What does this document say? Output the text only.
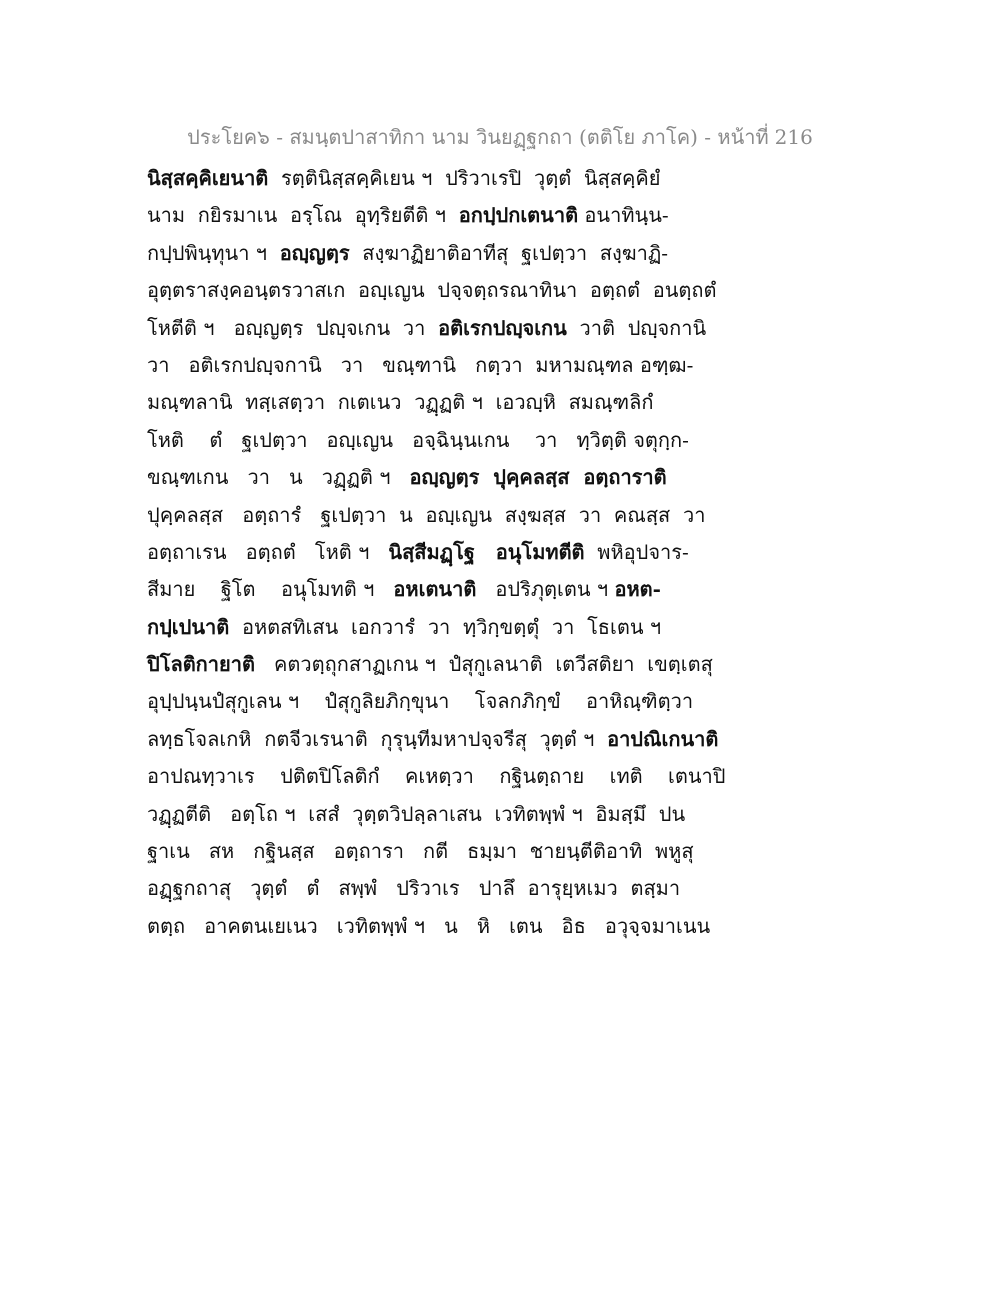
ประโยค๖ - สมนฺตปาสาทิกา นาม วินยฏฺฐกถา (ตติโย ภาโค) - หน้าที่ 216
นิสฺสคฺคิเยนาติ  รตฺตินิสฺสคฺคิเยน ฯ  ปริวาเรปิ  วุตฺตํ  นิสฺสคฺคิยํ
นาม  กยิรมาเน  อรฺโณ  อุทฺริยตีติ ฯ  อกปฺปกเตนาติ อนาทินฺน-
กปฺปพินฺทุนา ฯ  อญฺญตฺร  สงฺฆาฏิยาติอาทีสุ  ฐเปตฺวา  สงฺฆาฏิ-
อุตฺตราสงฺคอนฺตรวาสเก  อญฺเญน  ปจฺจตฺถรณาทินา  อตฺถตํ  อนตฺถตํ
โหตีติ ฯ   อญฺญตฺร  ปญฺจเกน  วา  อติเรกปญฺจเกน  วาติ  ปญฺจกานิ
วา   อติเรกปญฺจกานิ   วา   ขณฺฑานิ   กตฺวา  มหามณฺฑล อฑฺฒ-
มณฺฑลานิ  ทสฺเสตฺวา  กเตเนว  วฏฺฏติ ฯ  เอวญฺหิ  สมณฺฑลิกํ
โหติ    ตํ   ฐเปตฺวา   อญฺเญน   อจฺฉินฺนเกน    วา   ทฺวิตฺติ จตุกฺก-
ขณฺฑเกน   วา   น   วฏฺฏติ ฯ   อญฺญตฺร  ปุคฺคลสฺส  อตฺถาราติ
ปุคฺคลสฺส   อตฺถารํ   ฐเปตฺวา  น  อญฺเญน  สงฺฆสฺส  วา  คณสฺส  วา
อตฺถาเรน   อตฺถตํ   โหติ ฯ   นิสฺสีมฏฺโฐ   อนุโมทตีติ  พหิอุปจาร-
สีมาย    ฐิโต    อนุโมทติ ฯ   อหเตนาติ   อปริภุตฺเตน ฯ อหต-
กปฺเปนาติ  อหตสทิเสน  เอกวารํ  วา  ทฺวิกฺขตฺตุํ  วา  โธเตน ฯ
ปิโลติกายาติ   คตวตฺถุกสาฏเกน ฯ  ปํสุกูเลนาติ  เตวีสติยา  เขตฺเตสุ
อุปฺปนฺนปํสุกูเลน ฯ    ปํสุกูลิยภิกฺขุนา    โจลกภิกฺขํ    อาหิณฺฑิตฺวา
ลทฺธโจลเกหิ  กตจีวเรนาติ  กุรุนฺทีมหาปจฺจรีสุ  วุตฺตํ ฯ  อาปณิเกนาติ
อาปณทฺวาเร    ปติตปิโลติกํ    คเหตฺวา    กฐินตฺถาย    เทติ    เตนาปิ
วฏฺฏตีติ   อตฺโถ ฯ  เสสํ  วุตฺตวิปลฺลาเสน  เวทิตพฺพํ ฯ  อิมสฺมึ  ปน
ฐาเน   สห   กฐินสฺส   อตฺถารา   กตี   ธมฺมา  ชายนฺตีติอาทิ  พหูสุ
อฏฺฐกถาสุ   วุตฺตํ   ตํ   สพฺพํ   ปริวาเร   ปาลึ  อารุยฺหเมว  ตสฺมา
ตตฺถ   อาคตนเยเนว   เวทิตพฺพํ ฯ   น   หิ   เตน   อิธ   อวุจฺจมาเนน
